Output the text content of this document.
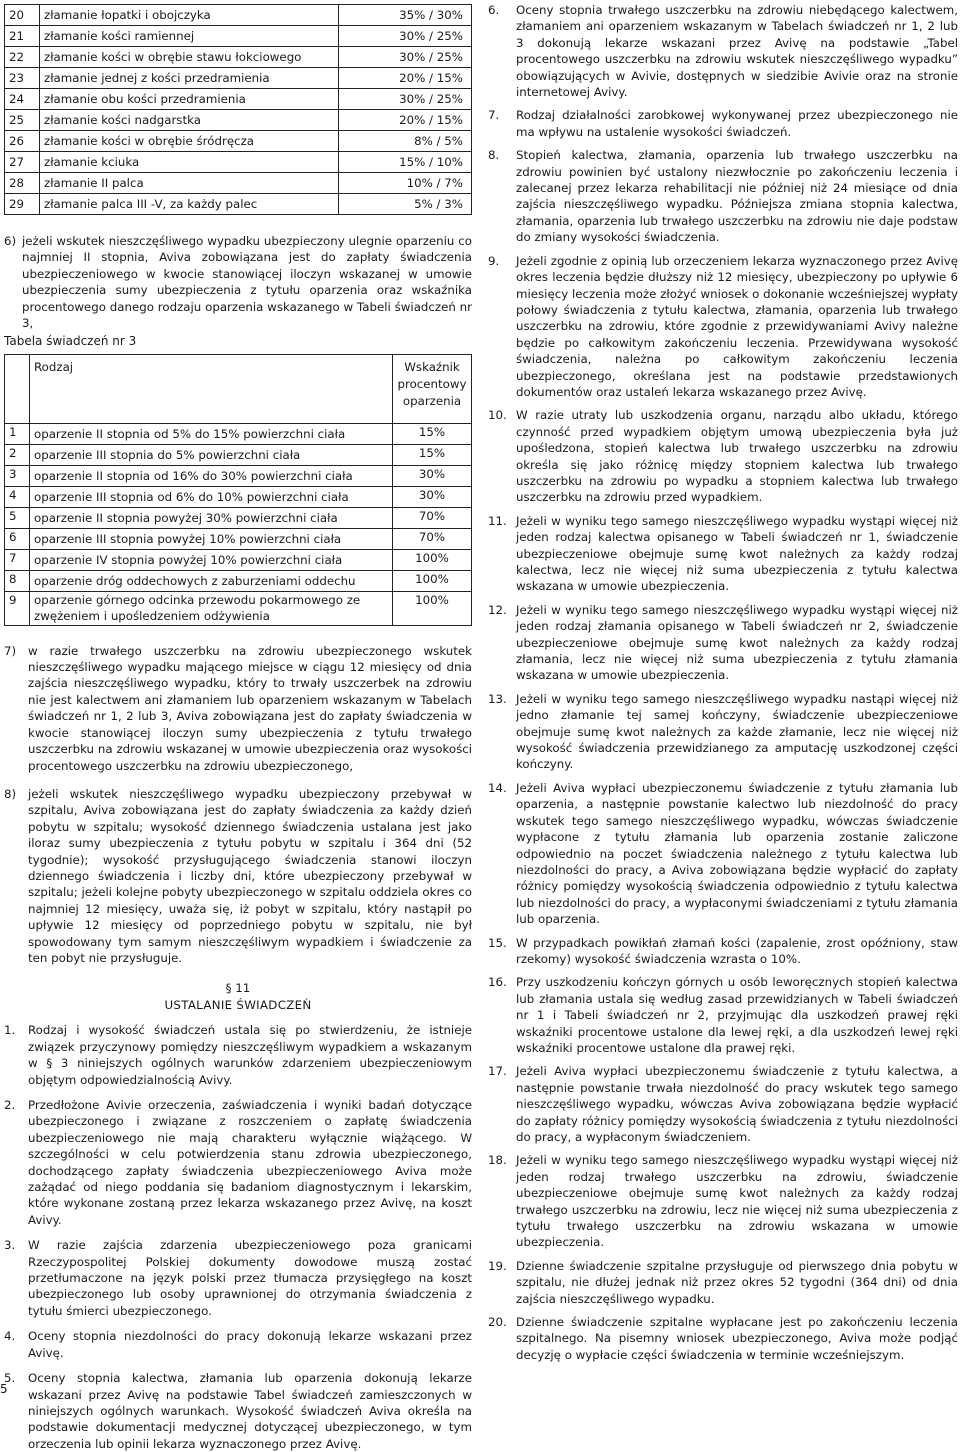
20	złamanie łopatki i obojczyka	35% / 30%
21	złamanie kości ramiennej	30% / 25%
22	złamanie kości w obrębie stawu łokciowego	30% / 25%
23	złamanie jednej z kości przedramienia	20% / 15%
24	złamanie obu kości przedramienia	30% / 25%
25	złamanie kości nadgarstka	20% / 15%
26	złamanie kości w obrębie śródręcza	8% / 5%
27	złamanie kciuka	15% / 10%
28	złamanie II palca	10% / 7%
29	złamanie palca III -V, za każdy palec	5% / 3%
6) jeżeli wskutek nieszczęśliwego wypadku ubezpieczony ulegnie oparzeniu co najmniej II stopnia, Aviva zobowiązana jest do zapłaty świadczenia ubezpieczeniowego w kwocie stanowiącej iloczyn wskazanej w umowie ubezpieczenia sumy ubezpieczenia z tytułu oparzenia oraz wskaźnika procentowego danego rodzaju oparzenia wskazanego w Tabeli świadczeń nr 3,
Tabela świadczeń nr 3
	Rodzaj	Wskaźnik procentowy oparzenia
1	oparzenie II stopnia od 5% do 15% powierzchni ciała	15%
2	oparzenie III stopnia do 5% powierzchni ciała	15%
3	oparzenie II stopnia od 16% do 30% powierzchni ciała	30%
4	oparzenie III stopnia od 6% do 10% powierzchni ciała	30%
5	oparzenie II stopnia powyżej 30% powierzchni ciała	70%
6	oparzenie III stopnia powyżej 10% powierzchni ciała	70%
7	oparzenie IV stopnia powyżej 10% powierzchni ciała	100%
8	oparzenie dróg oddechowych z zaburzeniami oddechu	100%
9	oparzenie górnego odcinka przewodu pokarmowego ze zwężeniem i upośledzeniem odżywienia	100%
7)	w razie trwałego uszczerbku na zdrowiu ubezpieczonego wskutek nieszczęśliwego wypadku mającego miejsce w ciągu 12 miesięcy od dnia zajścia nieszczęśliwego wypadku, który to trwały uszczerbek na zdrowiu nie jest kalectwem ani złamaniem lub oparzeniem wskazanym w Tabelach świadczeń nr 1, 2 lub 3, Aviva zobowiązana jest do zapłaty świadczenia w kwocie stanowiącej iloczyn sumy ubezpieczenia z tytułu trwałego uszczerbku na zdrowiu wskazanej w umowie ubezpieczenia oraz wysokości procentowego uszczerbku na zdrowiu ubezpieczonego,
8)	jeżeli wskutek nieszczęśliwego wypadku ubezpieczony przebywał w szpitalu, Aviva zobowiązana jest do zapłaty świadczenia za każdy dzień pobytu w szpitalu; wysokość dziennego świadczenia ustalana jest jako iloraz sumy ubezpieczenia z tytułu pobytu w szpitalu i 364 dni (52 tygodnie); wysokość przysługującego świadczenia stanowi iloczyn dziennego świadczenia i liczby dni, które ubezpieczony przebywał w szpitalu; jeżeli kolejne pobyty ubezpieczonego w szpitalu oddziela okres co najmniej 12 miesięcy, uważa się, iż pobyt w szpitalu, który nastąpił po upływie 12 miesięcy od poprzedniego pobytu w szpitalu, nie był spowodowany tym samym nieszczęśliwym wypadkiem i świadczenie za ten pobyt nie przysługuje.
§ 11
USTALANIE ŚWIADCZEŃ
1.	Rodzaj i wysokość świadczeń ustala się po stwierdzeniu, że istnieje związek przyczynowy pomiędzy nieszczęśliwym wypadkiem a wskazanym w § 3 niniejszych ogólnych warunków zdarzeniem ubezpieczeniowym objętym odpowiedzialnością Avivy.
2.	Przedłożone Avivie orzeczenia, zaświadczenia i wyniki badań dotyczące ubezpieczonego i związane z roszczeniem o zapłatę świadczenia ubezpieczeniowego nie mają charakteru wyłącznie wiążącego. W szczególności w celu potwierdzenia stanu zdrowia ubezpieczonego, dochodzącego zapłaty świadczenia ubezpieczeniowego Aviva może zażądać od niego poddania się badaniom diagnostycznym i lekarskim, które wykonane zostaną przez lekarza wskazanego przez Avivę, na koszt Avivy.
3.	W razie zajścia zdarzenia ubezpieczeniowego poza granicami Rzeczypospolitej Polskiej dokumenty dowodowe muszą zostać przetłumaczone na język polski przez tłumacza przysięgłego na koszt ubezpieczonego lub osoby uprawnionej do otrzymania świadczenia z tytułu śmierci ubezpieczonego.
4.	Oceny stopnia niezdolności do pracy dokonują lekarze wskazani przez Avivę.
5.	Oceny stopnia kalectwa, złamania lub oparzenia dokonują lekarze wskazani przez Avivę na podstawie Tabel świadczeń zamieszczonych w niniejszych ogólnych warunkach. Wysokość świadczeń Aviva określa na podstawie dokumentacji medycznej dotyczącej ubezpieczonego, w tym orzeczenia lub opinii lekarza wyznaczonego przez Avivę.
6.	Oceny stopnia trwałego uszczerbku na zdrowiu niebędącego kalectwem, złamaniem ani oparzeniem wskazanym w Tabelach świadczeń nr 1, 2 lub 3 dokonują lekarze wskazani przez Avivę na podstawie „Tabel procentowego uszczerbku na zdrowiu wskutek nieszczęśliwego wypadku” obowiązujących w Avivie, dostępnych w siedzibie Avivie oraz na stronie internetowej Avivy.
7.	Rodzaj działalności zarobkowej wykonywanej przez ubezpieczonego nie ma wpływu na ustalenie wysokości świadczeń.
8.	Stopień kalectwa, złamania, oparzenia lub trwałego uszczerbku na zdrowiu powinien być ustalony niezwłocznie po zakończeniu leczenia i zalecanej przez lekarza rehabilitacji nie później niż 24 miesiące od dnia zajścia nieszczęśliwego wypadku. Późniejsza zmiana stopnia kalectwa, złamania, oparzenia lub trwałego uszczerbku na zdrowiu nie daje podstaw do zmiany wysokości świadczenia.
9.	Jeżeli zgodnie z opinią lub orzeczeniem lekarza wyznaczonego przez Avivę okres leczenia będzie dłuższy niż 12 miesięcy, ubezpieczony po upływie 6 miesięcy leczenia może złożyć wniosek o dokonanie wcześniejszej wypłaty połowy świadczenia z tytułu kalectwa, złamania, oparzenia lub trwałego uszczerbku na zdrowiu, które zgodnie z przewidywaniami Avivy należne będzie po całkowitym zakończeniu leczenia. Przewidywana wysokość świadczenia, należna po całkowitym zakończeniu leczenia ubezpieczonego, określana jest na podstawie przedstawionych dokumentów oraz ustaleń lekarza wskazanego przez Avivę.
10. W razie utraty lub uszkodzenia organu, narządu albo układu, którego czynność przed wypadkiem objętym umową ubezpieczenia była już upośledzona, stopień kalectwa lub trwałego uszczerbku na zdrowiu określa się jako różnicę między stopniem kalectwa lub trwałego uszczerbku na zdrowiu po wypadku a stopniem kalectwa lub trwałego uszczerbku na zdrowiu przed wypadkiem.
11. Jeżeli w wyniku tego samego nieszczęśliwego wypadku wystąpi więcej niż jeden rodzaj kalectwa opisanego w Tabeli świadczeń nr 1, świadczenie ubezpieczeniowe obejmuje sumę kwot należnych za każdy rodzaj kalectwa, lecz nie więcej niż suma ubezpieczenia z tytułu kalectwa wskazana w umowie ubezpieczenia.
12. Jeżeli w wyniku tego samego nieszczęśliwego wypadku wystąpi więcej niż jeden rodzaj złamania opisanego w Tabeli świadczeń nr 2, świadczenie ubezpieczeniowe obejmuje sumę kwot należnych za każdy rodzaj złamania, lecz nie więcej niż suma ubezpieczenia z tytułu złamania wskazana w umowie ubezpieczenia.
13. Jeżeli w wyniku tego samego nieszczęśliwego wypadku nastąpi więcej niż jedno złamanie tej samej kończyny, świadczenie ubezpieczeniowe obejmuje sumę kwot należnych za każde złamanie, lecz nie więcej niż wysokość świadczenia przewidzianego za amputację uszkodzonej części kończyny.
14. Jeżeli Aviva wypłaci ubezpieczonemu świadczenie z tytułu złamania lub oparzenia, a następnie powstanie kalectwo lub niezdolność do pracy wskutek tego samego nieszczęśliwego wypadku, wówczas świadczenie wypłacone z tytułu złamania lub oparzenia zostanie zaliczone odpowiednio na poczet świadczenia należnego z tytułu kalectwa lub niezdolności do pracy, a Aviva zobowiązana będzie wypłacić do zapłaty różnicy pomiędzy wysokością świadczenia odpowiednio z tytułu kalectwa lub niezdolności do pracy, a wypłaconymi świadczeniami z tytułu złamania lub oparzenia.
15. W przypadkach powikłań złamań kości (zapalenie, zrost opóźniony, staw rzekomy) wysokość świadczenia wzrasta o 10%.
16. Przy uszkodzeniu kończyn górnych u osób leworęcznych stopień kalectwa lub złamania ustala się według zasad przewidzianych w Tabeli świadczeń nr 1 i Tabeli świadczeń nr 2, przyjmując dla uszkodzeń prawej ręki wskaźniki procentowe ustalone dla lewej ręki, a dla uszkodzeń lewej ręki wskaźniki procentowe ustalone dla prawej ręki.
17. Jeżeli Aviva wypłaci ubezpieczonemu świadczenie z tytułu kalectwa, a następnie powstanie trwała niezdolność do pracy wskutek tego samego nieszczęśliwego wypadku, wówczas Aviva zobowiązana będzie wypłacić do zapłaty różnicy pomiędzy wysokością świadczenia z tytułu niezdolności do pracy, a wypłaconym świadczeniem.
18. Jeżeli w wyniku tego samego nieszczęśliwego wypadku wystąpi więcej niż jeden rodzaj trwałego uszczerbku na zdrowiu, świadczenie ubezpieczeniowe obejmuje sumę kwot należnych za każdy rodzaj trwałego uszczerbku na zdrowiu, lecz nie więcej niż suma ubezpieczenia z tytułu trwałego uszczerbku na zdrowiu wskazana w umowie ubezpieczenia.
19. Dzienne świadczenie szpitalne przysługuje od pierwszego dnia pobytu w szpitalu, nie dłużej jednak niż przez okres 52 tygodni (364 dni) od dnia zajścia nieszczęśliwego wypadku.
20. Dzienne świadczenie szpitalne wypłacane jest po zakończeniu leczenia szpitalnego. Na pisemny wniosek ubezpieczonego, Aviva może podjąć decyzję o wypłacie części świadczenia w terminie wcześniejszym.
5
